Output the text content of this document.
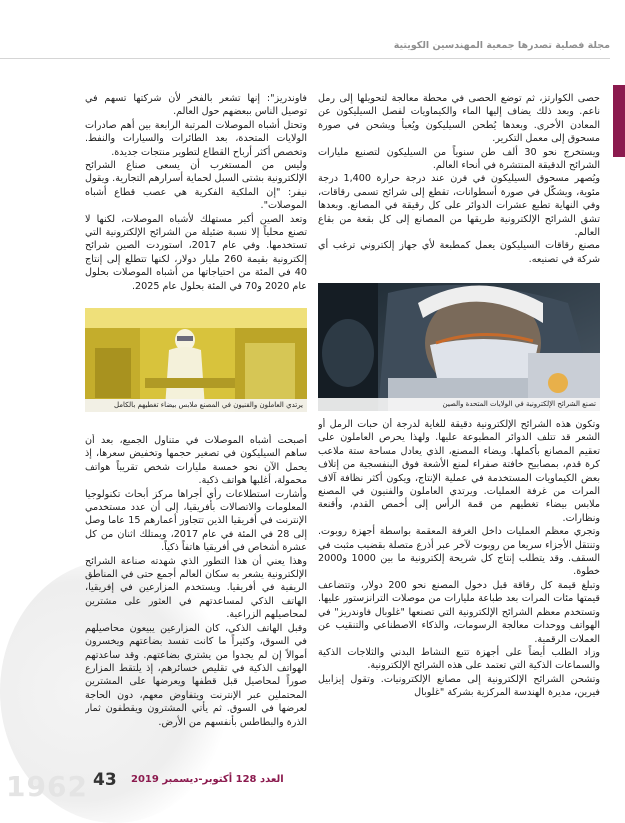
1962
مجلة فصلية تصدرها جمعية المهندسين الكويتية

حصى الكوارتز، ثم توضع الحصى في محطة معالجة لتحويلها إلى رمل ناعم. وبعد ذلك يضاف إليها الماء والكيماويات لفصل السيليكون عن المعادن الأخرى. وبعدها يُطحن السيليكون ويُعبأ ويشحن في صورة مسحوق إلى معمل التكرير.

ويستخرج نحو 30 ألف طن سنوياً من السيليكون لتصنيع مليارات الشرائح الدقيقة المنتشرة في أنحاء العالم.

ويُصهر مسحوق السيليكون في فرن عند درجة حرارة 1,400 درجة مئوية، ويشكّل في صورة أسطوانات، تقطع إلى شرائح تسمى رقاقات، وفي النهاية تطبع عشرات الدوائر على كل رقيقة في المصانع. وبعدها تشق الشرائح الإلكترونية طريقها من المصانع إلى كل بقعة من بقاع العالم.

مصنع رقاقات السيليكون يعمل كمطبعة لأي جهاز إلكتروني ترغب أي شركة في تصنيعه.

تصنع الشرائح الإلكترونية في الولايات المتحدة والصين

وتكون هذه الشرائح الإلكترونية دقيقة للغاية لدرجة أن حبات الرمل أو الشعر قد تتلف الدوائر المطبوعة عليها. ولهذا يحرص العاملون على تعقيم المصانع بأكملها. ويضاء المصنع، الذي يعادل مساحة ستة ملاعب كرة قدم، بمصابيح خافتة صفراء لمنع الأشعة فوق البنفسجية من إتلاف بعض الكيماويات المستخدمة في عملية الإنتاج، ويكون أكثر نظافة آلاف المرات من غرفة العمليات. ويرتدي العاملون والفنيون في المصنع ملابس بيضاء تغطيهم من قمة الرأس إلى أخمص القدم، وأقنعة ونظارات.

وتجري معظم العمليات داخل الغرفة المعقمة بواسطة أجهزة روبوت. وتنتقل الأجزاء سريعا من روبوت لآخر عبر أذرع متصلة بقضيب مثبت في السقف. وقد يتطلب إنتاج كل شريحة إلكترونية ما بين 1000 و2000 خطوة.

وتبلغ قيمة كل رقاقة قبل دخول المصنع نحو 200 دولار، وتتضاعف قيمتها مئات المرات بعد طباعة مليارات من موصلات الترانزستور عليها. وتستخدم معظم الشرائح الإلكترونية التي تصنعها "غلوبال فاوندريز" في الهواتف ووحدات معالجة الرسومات، والذكاء الاصطناعي والتنقيب عن العملات الرقمية.

وزاد الطلب أيضاً على أجهزة تتبع النشاط البدني والثلاجات الذكية والسماعات الذكية التي تعتمد على هذه الشرائح الإلكترونية.

وتشحن الشرائح الإلكترونية إلى مصانع الإلكترونيات. وتقول إيزابيل فيرين، مديرة الهندسة المركزية بشركة "غلوبال

فاوندريز": إنها تشعر بالفخر لأن شركتها تسهم في توصيل الناس ببعضهم حول العالم.

وتحتل أشباه الموصلات المرتبة الرابعة بين أهم صادرات الولايات المتحدة، بعد الطائرات والسيارات والنفط. وتخصص أكثر أرباح القطاع لتطوير منتجات جديدة.

وليس من المستغرب أن يسعى صناع الشرائح الإلكترونية بشتى السبل لحماية أسرارهم التجارية. ويقول نيفر: "إن الملكية الفكرية هي عصب قطاع أشباه الموصلات".

وتعد الصين أكبر مستهلك لأشباه الموصلات، لكنها لا تصنع محلياً إلا نسبة ضئيلة من الشرائح الإلكترونية التي تستخدمها. وفي عام 2017، استوردت الصين شرائح إلكترونية بقيمة 260 مليار دولار، لكنها تتطلع إلى إنتاج 40 في المئة من احتياجاتها من أشباه الموصلات بحلول عام 2020 و70 في المئة بحلول عام 2025.

يرتدي العاملون والفنيون في المصنع ملابس بيضاء تغطيهم بالكامل

أصبحت أشباه الموصلات في متناول الجميع، بعد أن ساهم السيليكون في تصغير حجمها وتخفيض سعرها، إذ يحمل الآن نحو خمسة مليارات شخص تقريباً هواتف محمولة، أغلبها هواتف ذكية.

وأشارت استطلاعات رأي أجراها مركز أبحاث تكنولوجيا المعلومات والاتصالات بأفريقيا، إلى أن عدد مستخدمي الإنترنت في أفريقيا الذين تتجاوز أعمارهم 15 عاما وصل إلى 28 في المئة في عام 2017، ويمتلك اثنان من كل عشرة أشخاص في أفريقيا هاتفاً ذكياً.

وهذا يعني أن هذا التطور الذي شهدته صناعة الشرائح الإلكترونية يشعر به سكان العالم أجمع حتى في المناطق الريفية في أفريقيا. ويستخدم المزارعين في إفريقيا، الهاتف الذكي لمساعدتهم في العثور على مشترين لمحاصيلهم الزراعية.

وقبل الهاتف الذكي، كان المزارعين يبيعون محاصيلهم في السوق، وكثيراً ما كانت تفسد بضاعتهم ويخسرون أموالاً إن لم يجدوا من يشتري بضاعتهم. وقد ساعدتهم الهواتف الذكية في تقليص خسائرهم، إذ يلتقط المزارع صوراً لمحاصيل قبل قطفها ويعرضها على المشترين المحتملين عبر الإنترنت ويتفاوض معهم، دون الحاجة لعرضها في السوق. ثم يأتي المشترون ويقطفون ثمار الذرة والبطاطس بأنفسهم من الأرض.

43	العدد 128 أكتوبر-ديسمبر 2019
